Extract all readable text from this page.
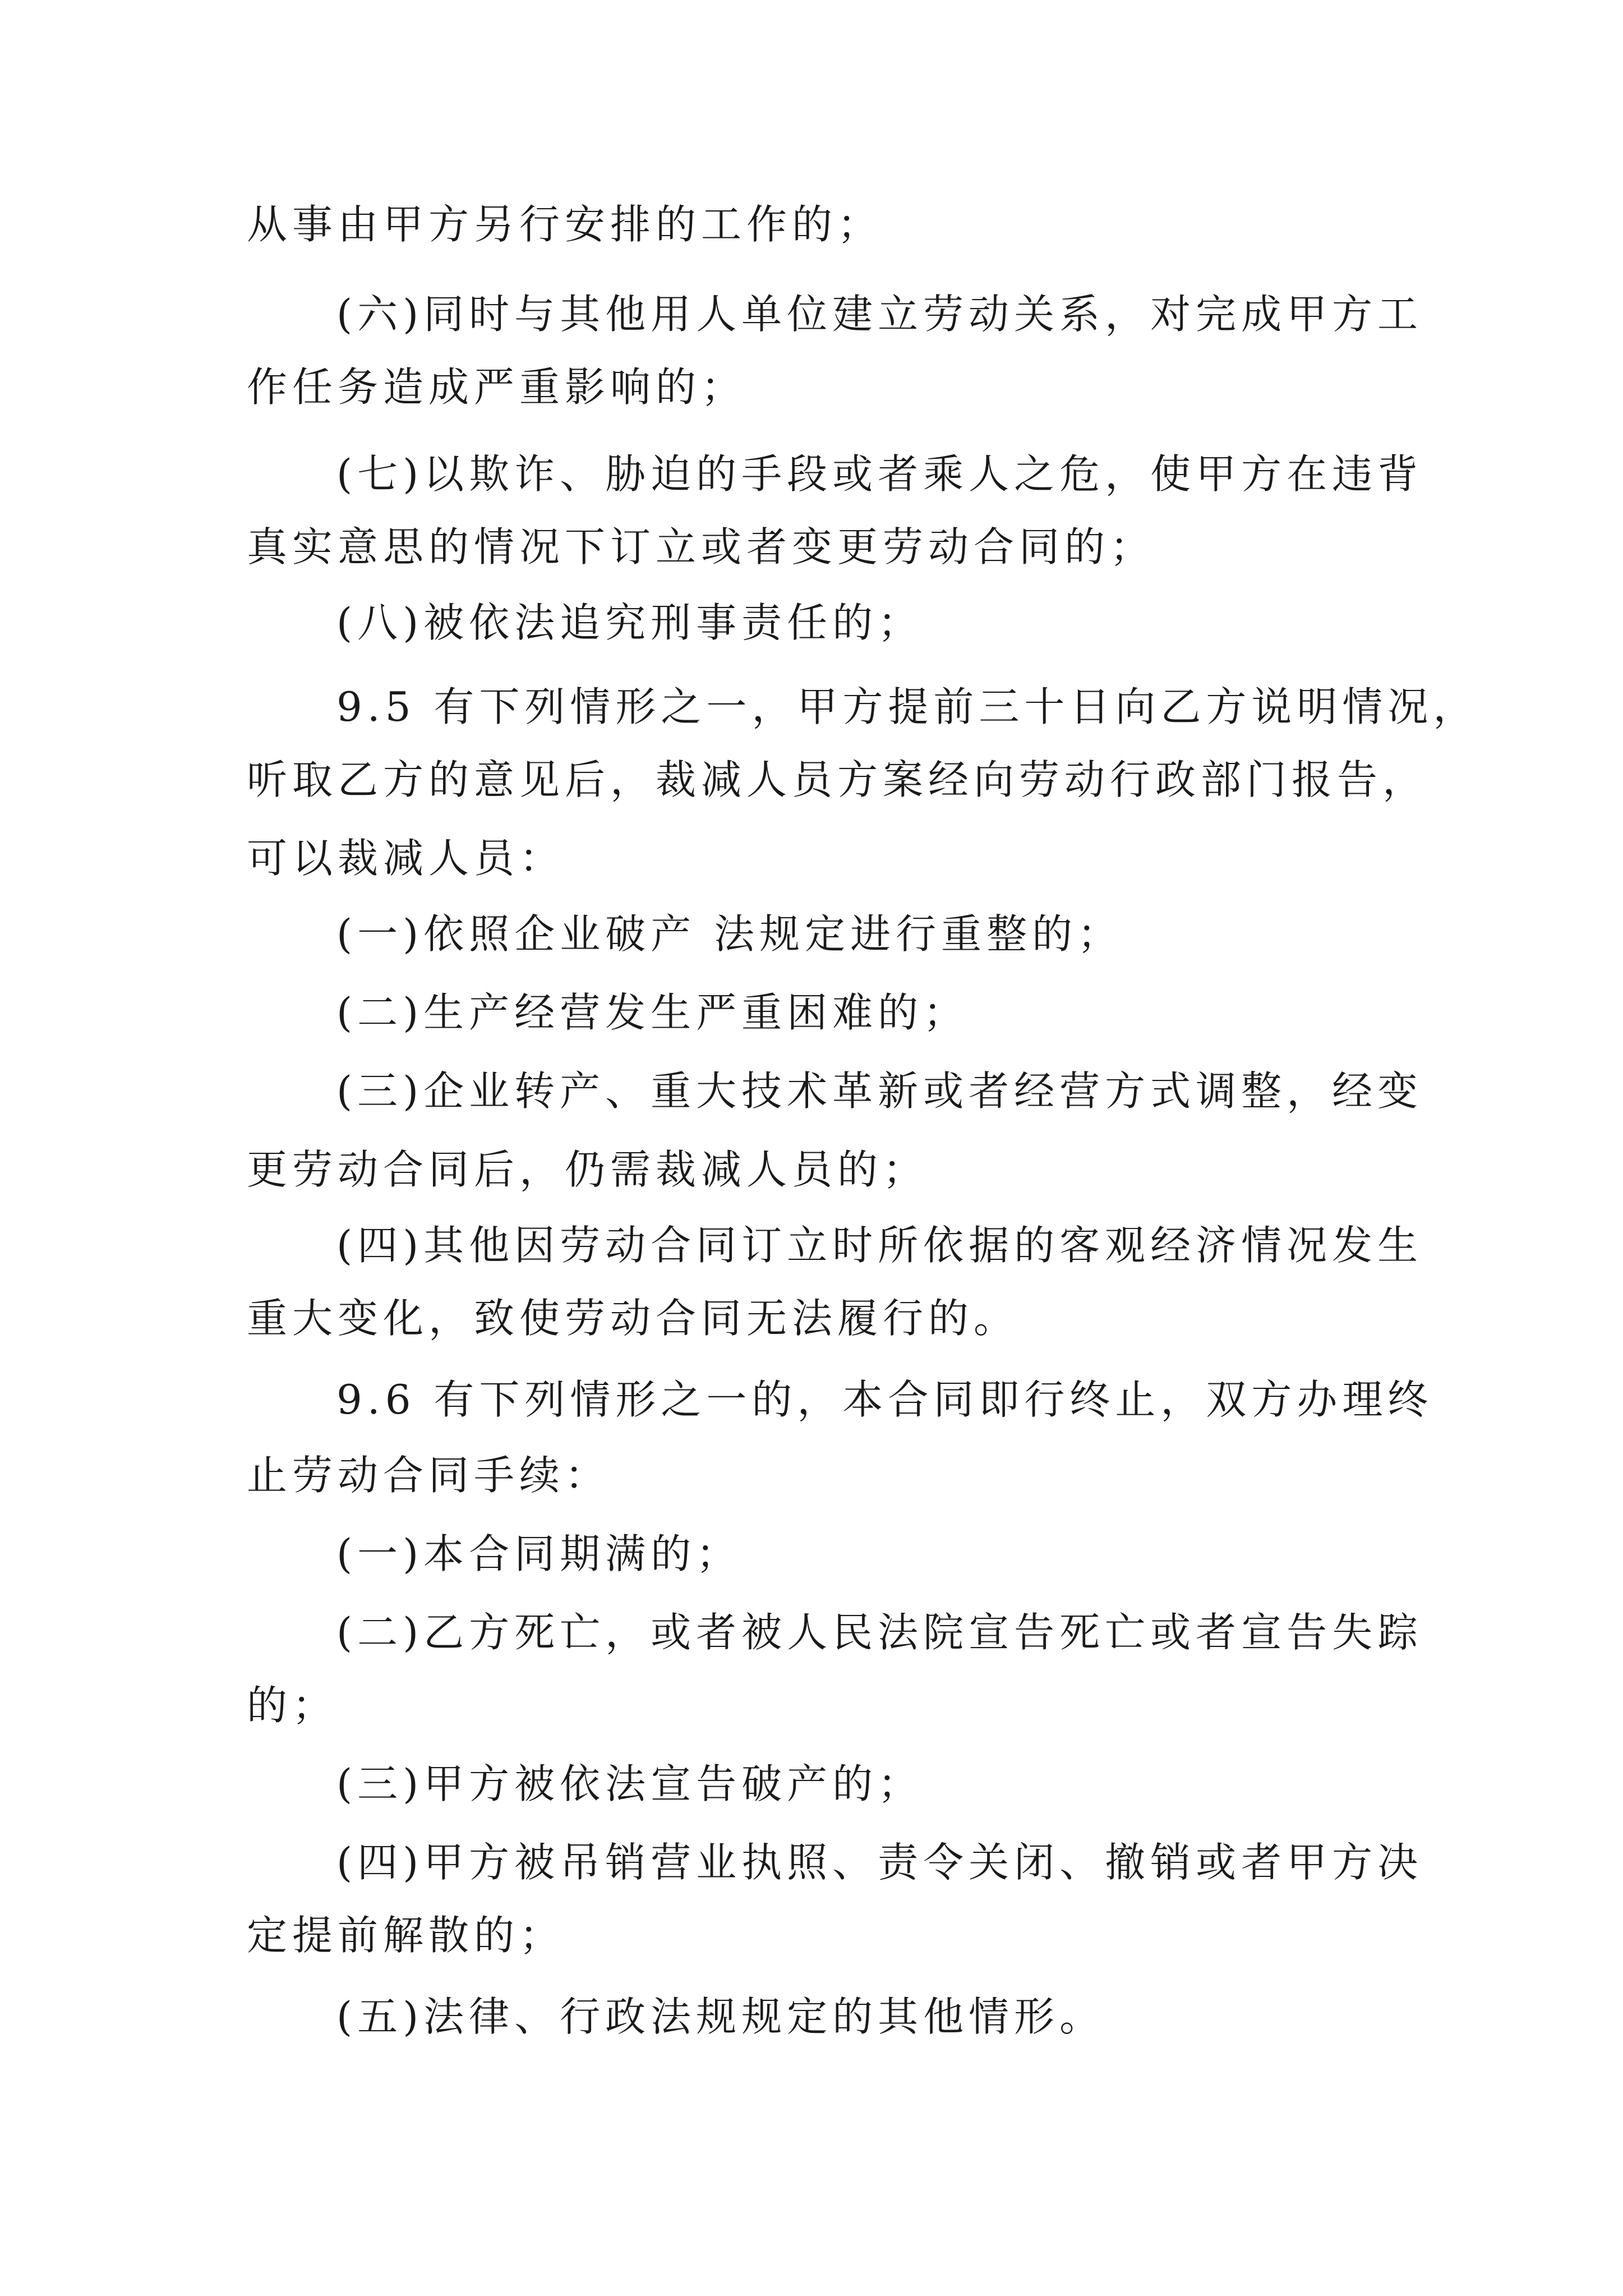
从事由甲方另行安排的工作的；
(六)同时与其他用人单位建立劳动关系，对完成甲方工
作任务造成严重影响的；
(七)以欺诈、胁迫的手段或者乘人之危，使甲方在违背
真实意思的情况下订立或者变更劳动合同的；
(八)被依法追究刑事责任的；
9.5 有下列情形之一，甲方提前三十日向乙方说明情况，
听取乙方的意见后，裁减人员方案经向劳动行政部门报告，
可以裁减人员：
(一)依照企业破产 法规定进行重整的；
(二)生产经营发生严重困难的；
(三)企业转产、重大技术革新或者经营方式调整，经变
更劳动合同后，仍需裁减人员的；
(四)其他因劳动合同订立时所依据的客观经济情况发生
重大变化，致使劳动合同无法履行的。
9.6 有下列情形之一的，本合同即行终止，双方办理终
止劳动合同手续：
(一)本合同期满的；
(二)乙方死亡，或者被人民法院宣告死亡或者宣告失踪
的；
(三)甲方被依法宣告破产的；
(四)甲方被吊销营业执照、责令关闭、撤销或者甲方决
定提前解散的；
(五)法律、行政法规规定的其他情形。
